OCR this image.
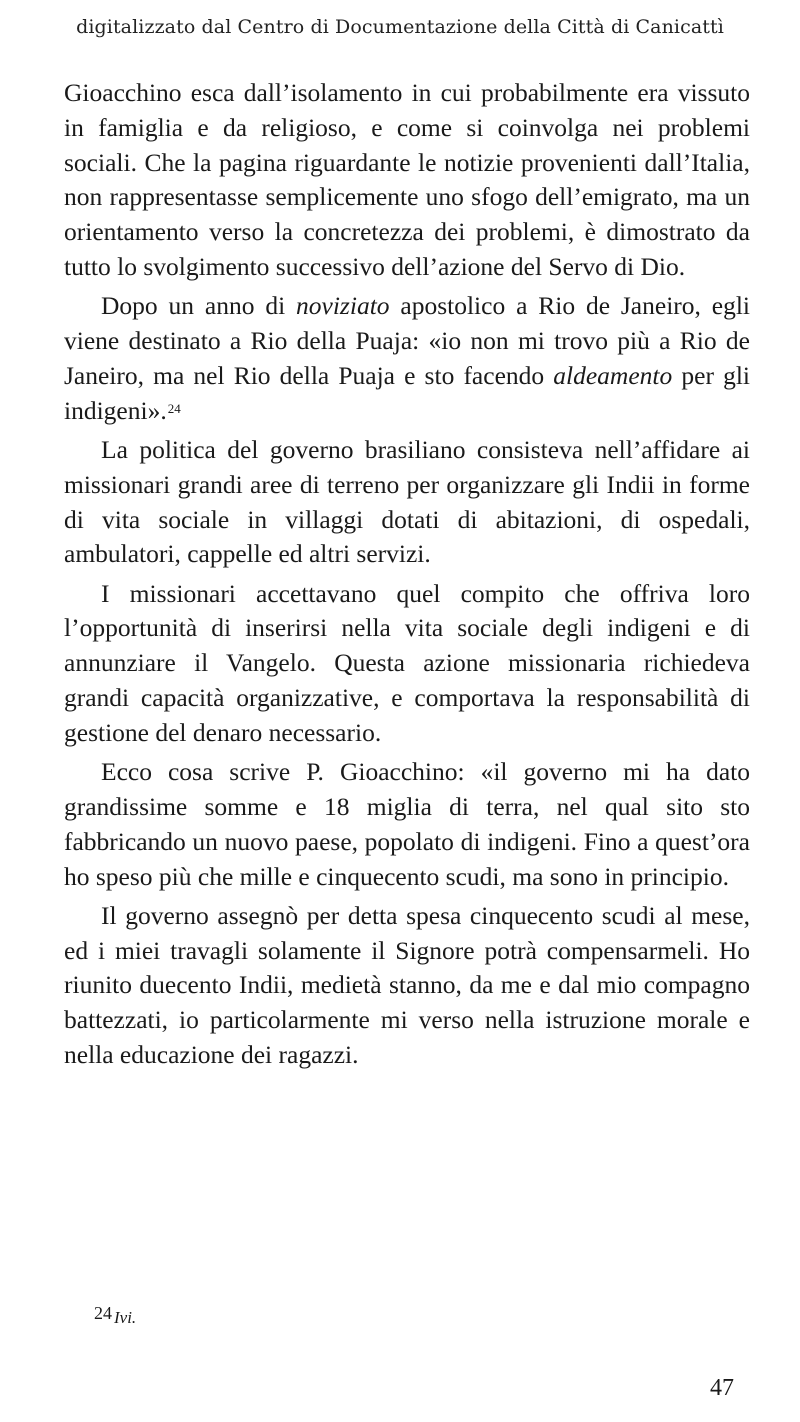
digitalizzato dal Centro di Documentazione della Città di Canicattì

Gioacchino esca dall’isolamento in cui probabilmente era vissuto in famiglia e da religioso, e come si coinvolga nei problemi sociali. Che la pagina riguardante le notizie provenienti dall’Italia, non rappresentasse semplicemente uno sfogo dell’emigrato, ma un orientamento verso la concretezza dei problemi, è dimostrato da tutto lo svolgimento successivo dell’azione del Servo di Dio.

Dopo un anno di noviziato apostolico a Rio de Janeiro, egli viene destinato a Rio della Puaja: «io non mi trovo più a Rio de Janeiro, ma nel Rio della Puaja e sto facendo aldeamento per gli indigeni».$^{24}$

La politica del governo brasiliano consisteva nell’affidare ai missionari grandi aree di terreno per organizzare gli Indii in forme di vita sociale in villaggi dotati di abitazioni, di ospedali, ambulatori, cappelle ed altri servizi.

I missionari accettavano quel compito che offriva loro l’opportunità di inserirsi nella vita sociale degli indigeni e di annunziare il Vangelo. Questa azione missionaria richiedeva grandi capacità organizzative, e comportava la responsabilità di gestione del denaro necessario.

Ecco cosa scrive P. Gioacchino: «il governo mi ha dato grandissime somme e 18 miglia di terra, nel qual sito sto fabbricando un nuovo paese, popolato di indigeni. Fino a quest’ora ho speso più che mille e cinquecento scudi, ma sono in principio.

Il governo assegnò per detta spesa cinquecento scudi al mese, ed i miei travagli solamente il Signore potrà compensarmeli. Ho riunito duecento Indii, medietà stanno, da me e dal mio compagno battezzati, io particolarmente mi verso nella istruzione morale e nella educazione dei ragazzi.

24 Ivi.
47
